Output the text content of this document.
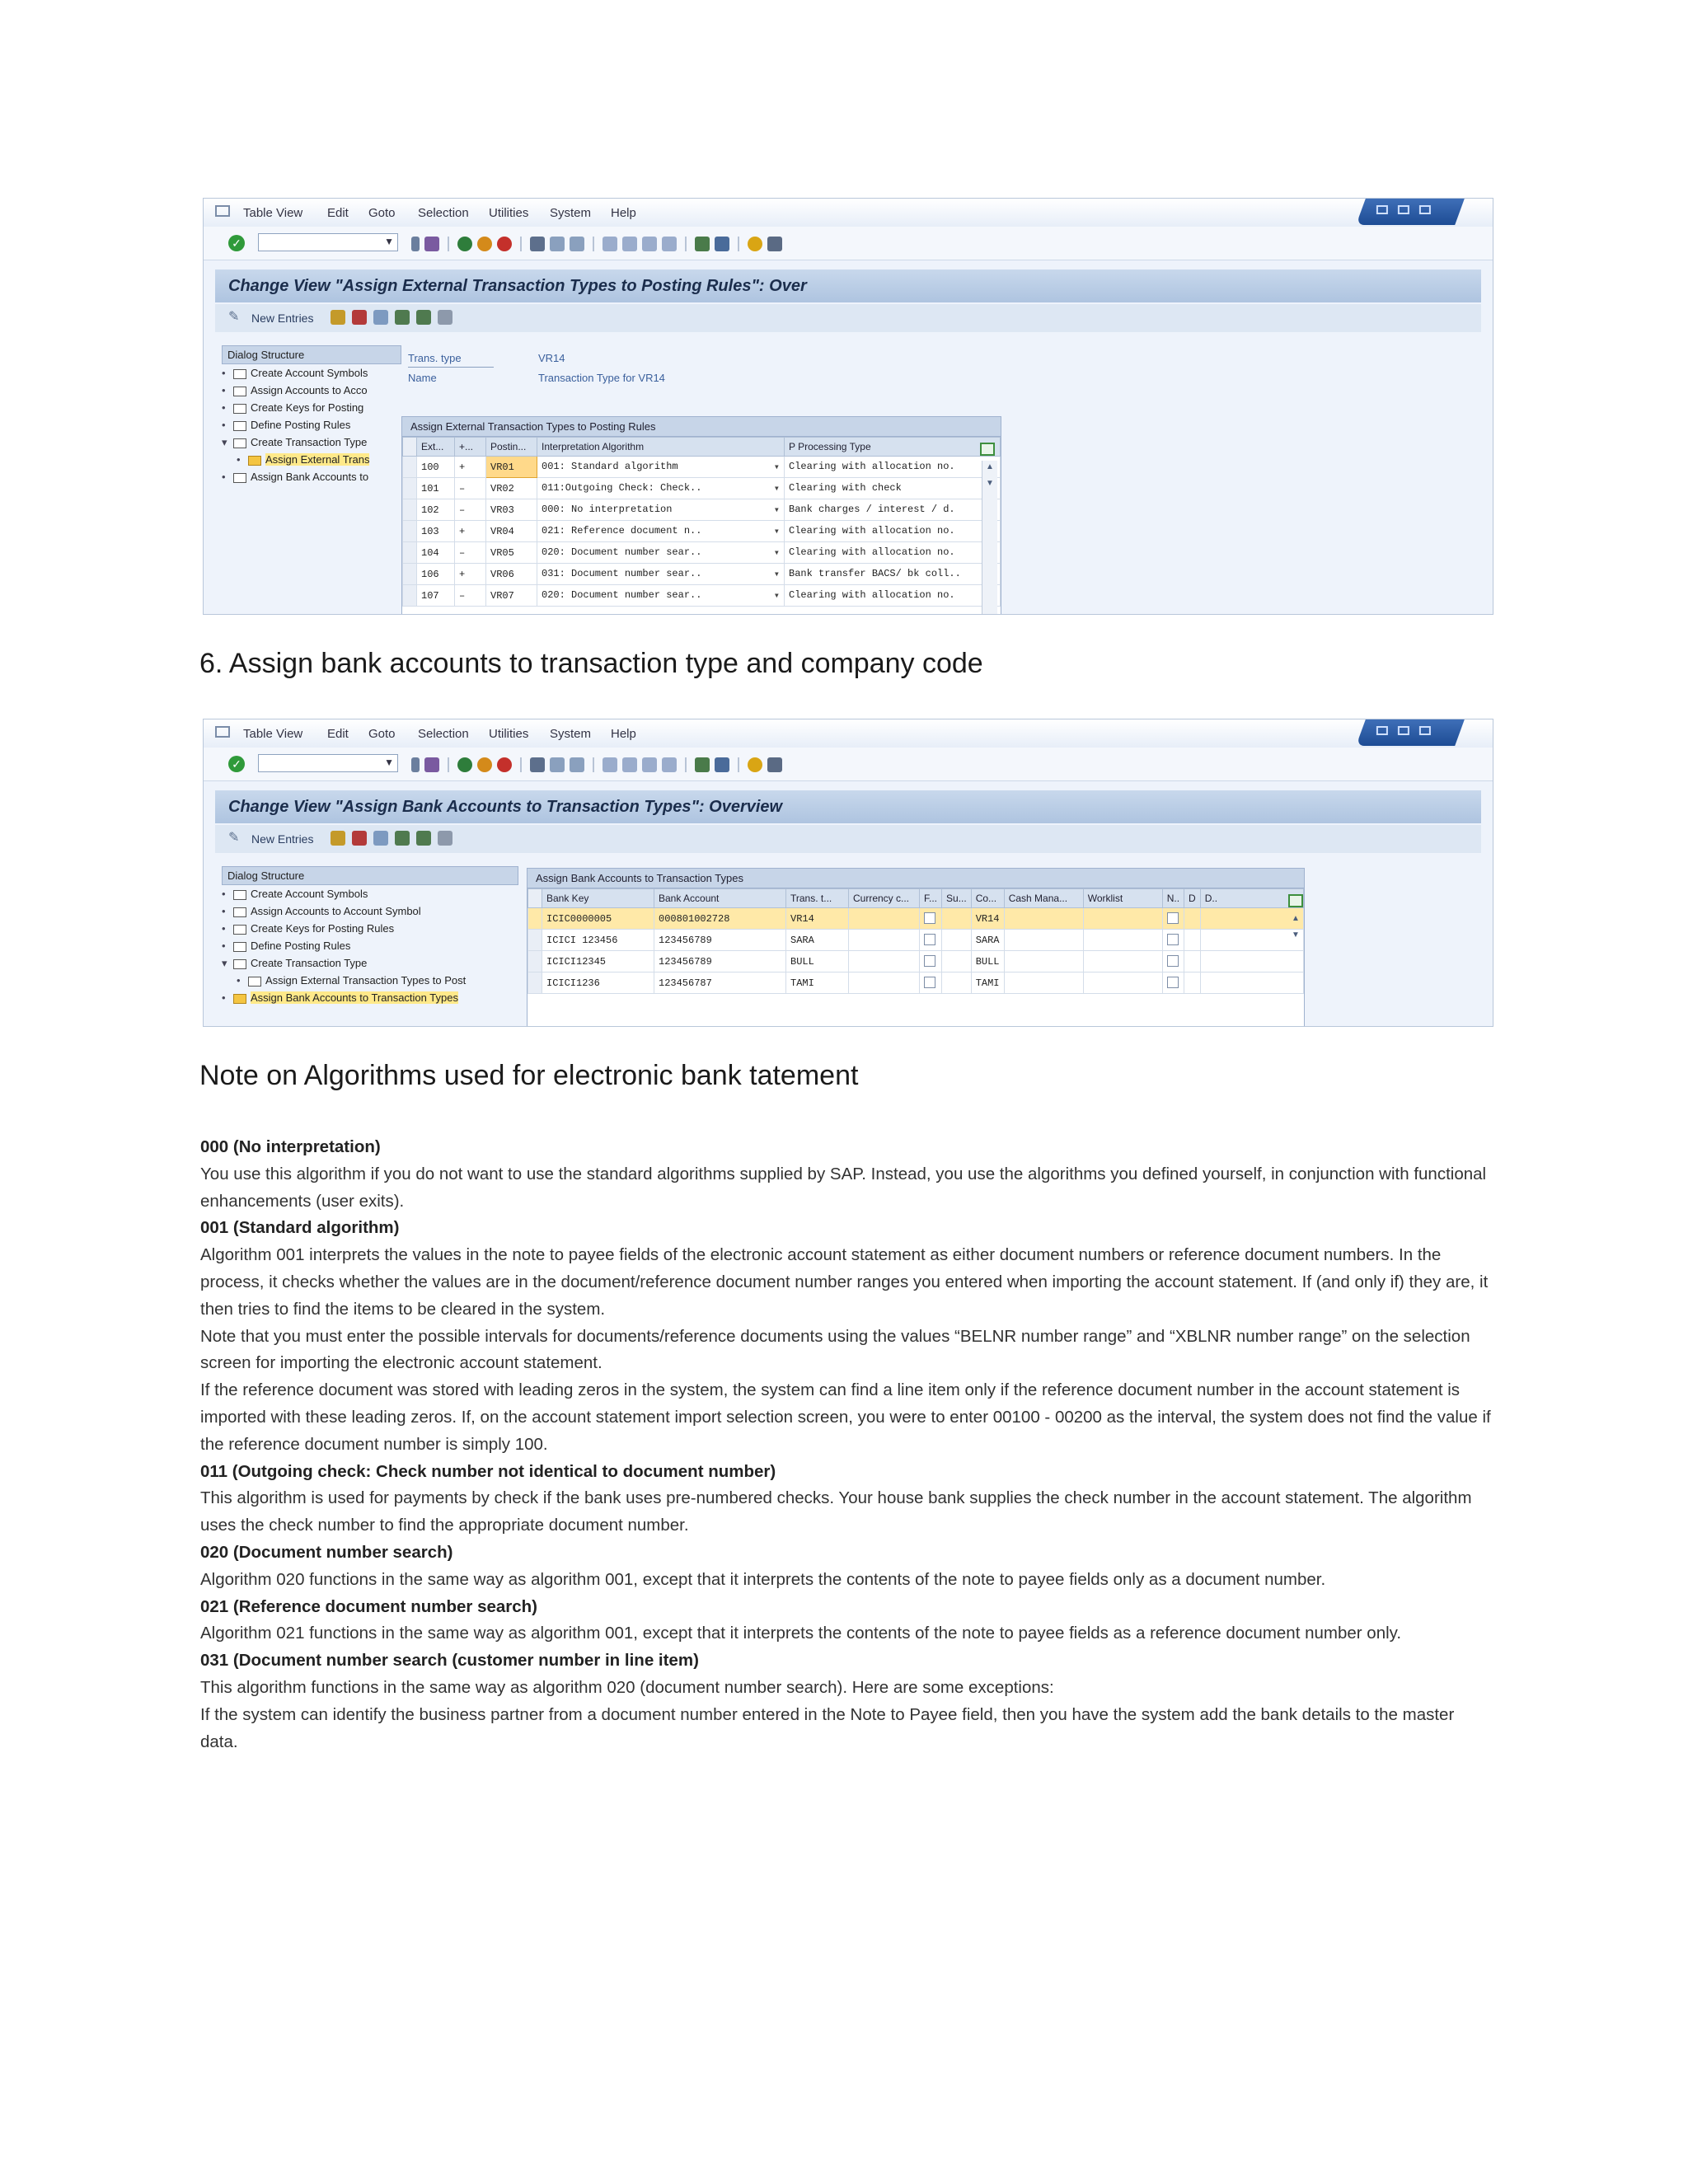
Table View Edit Goto Selection Utilities System Help
✓	▼
Change View "Assign External Transaction Types to Posting Rules": Over
✎	New Entries
Dialog Structure
• Create Account Symbols
• Assign Accounts to Acco
• Create Keys for Posting
• Define Posting Rules
▾ Create Transaction Type
• Assign External Trans
• Assign Bank Accounts to
Trans. type	VR14
Name	Transaction Type for VR14
Assign External Transaction Types to Posting Rules
	Ext...	+...	Postin...	Interpretation Algorithm	P Processing Type
	100	+	VR01	001: Standard algorithm ▾	Clearing with allocation no. ▾
	101	–	VR02	011:Outgoing Check: Check.. ▾	Clearing with check ▾
	102	–	VR03	000: No interpretation ▾	Bank charges / interest / d. ▾
	103	+	VR04	021: Reference document n.. ▾	Clearing with allocation no. ▾
	104	–	VR05	020: Document number sear.. ▾	Clearing with allocation no. ▾
	106	+	VR06	031: Document number sear.. ▾	Bank transfer BACS/ bk coll.. ▾
	107	–	VR07	020: Document number sear.. ▾	Clearing with allocation no. ▾
▲
▼
6. Assign bank accounts to transaction type and company code
Table View Edit Goto Selection Utilities System Help
✓	▼
Change View "Assign Bank Accounts to Transaction Types": Overview
✎	New Entries
Dialog Structure
• Create Account Symbols
• Assign Accounts to Account Symbol
• Create Keys for Posting Rules
• Define Posting Rules
▾ Create Transaction Type
• Assign External Transaction Types to Post
• Assign Bank Accounts to Transaction Types
Assign Bank Accounts to Transaction Types
	Bank Key	Bank Account	Trans. t...	Currency c...	F...	Su...	Co...	Cash Mana...	Worklist	N..	D	D..
	ICIC0000005	000801002728	VR14				VR14					
	ICICI 123456	123456789	SARA				SARA					
	ICICI12345	123456789	BULL				BULL					
	ICICI1236	123456787	TAMI				TAMI					
▲
▼
Note on Algorithms used for electronic bank tatement

000 (No interpretation)

You use this algorithm if you do not want to use the standard algorithms supplied by SAP. Instead, you use the algorithms you defined yourself, in conjunction with functional enhancements (user exits).

001 (Standard algorithm)

Algorithm 001 interprets the values in the note to payee fields of the electronic account statement as either document numbers or reference document numbers. In the process, it checks whether the values are in the document/reference document number ranges you entered when importing the account statement. If (and only if) they are, it then tries to find the items to be cleared in the system.

Note that you must enter the possible intervals for documents/reference documents using the values “BELNR number range” and “XBLNR number range” on the selection screen for importing the electronic account statement.

If the reference document was stored with leading zeros in the system, the system can find a line item only if the reference document number in the account statement is imported with these leading zeros. If, on the account statement import selection screen, you were to enter 00100 - 00200 as the interval, the system does not find the value if the reference document number is simply 100.

011 (Outgoing check: Check number not identical to document number)

This algorithm is used for payments by check if the bank uses pre-numbered checks. Your house bank supplies the check number in the account statement. The algorithm uses the check number to find the appropriate document number.

020 (Document number search)

Algorithm 020 functions in the same way as algorithm 001, except that it interprets the contents of the note to payee fields only as a document number.

021 (Reference document number search)

Algorithm 021 functions in the same way as algorithm 001, except that it interprets the contents of the note to payee fields as a reference document number only.

031 (Document number search (customer number in line item)

This algorithm functions in the same way as algorithm 020 (document number search). Here are some exceptions:

If the system can identify the business partner from a document number entered in the Note to Payee field, then you have the system add the bank details to the master data.
